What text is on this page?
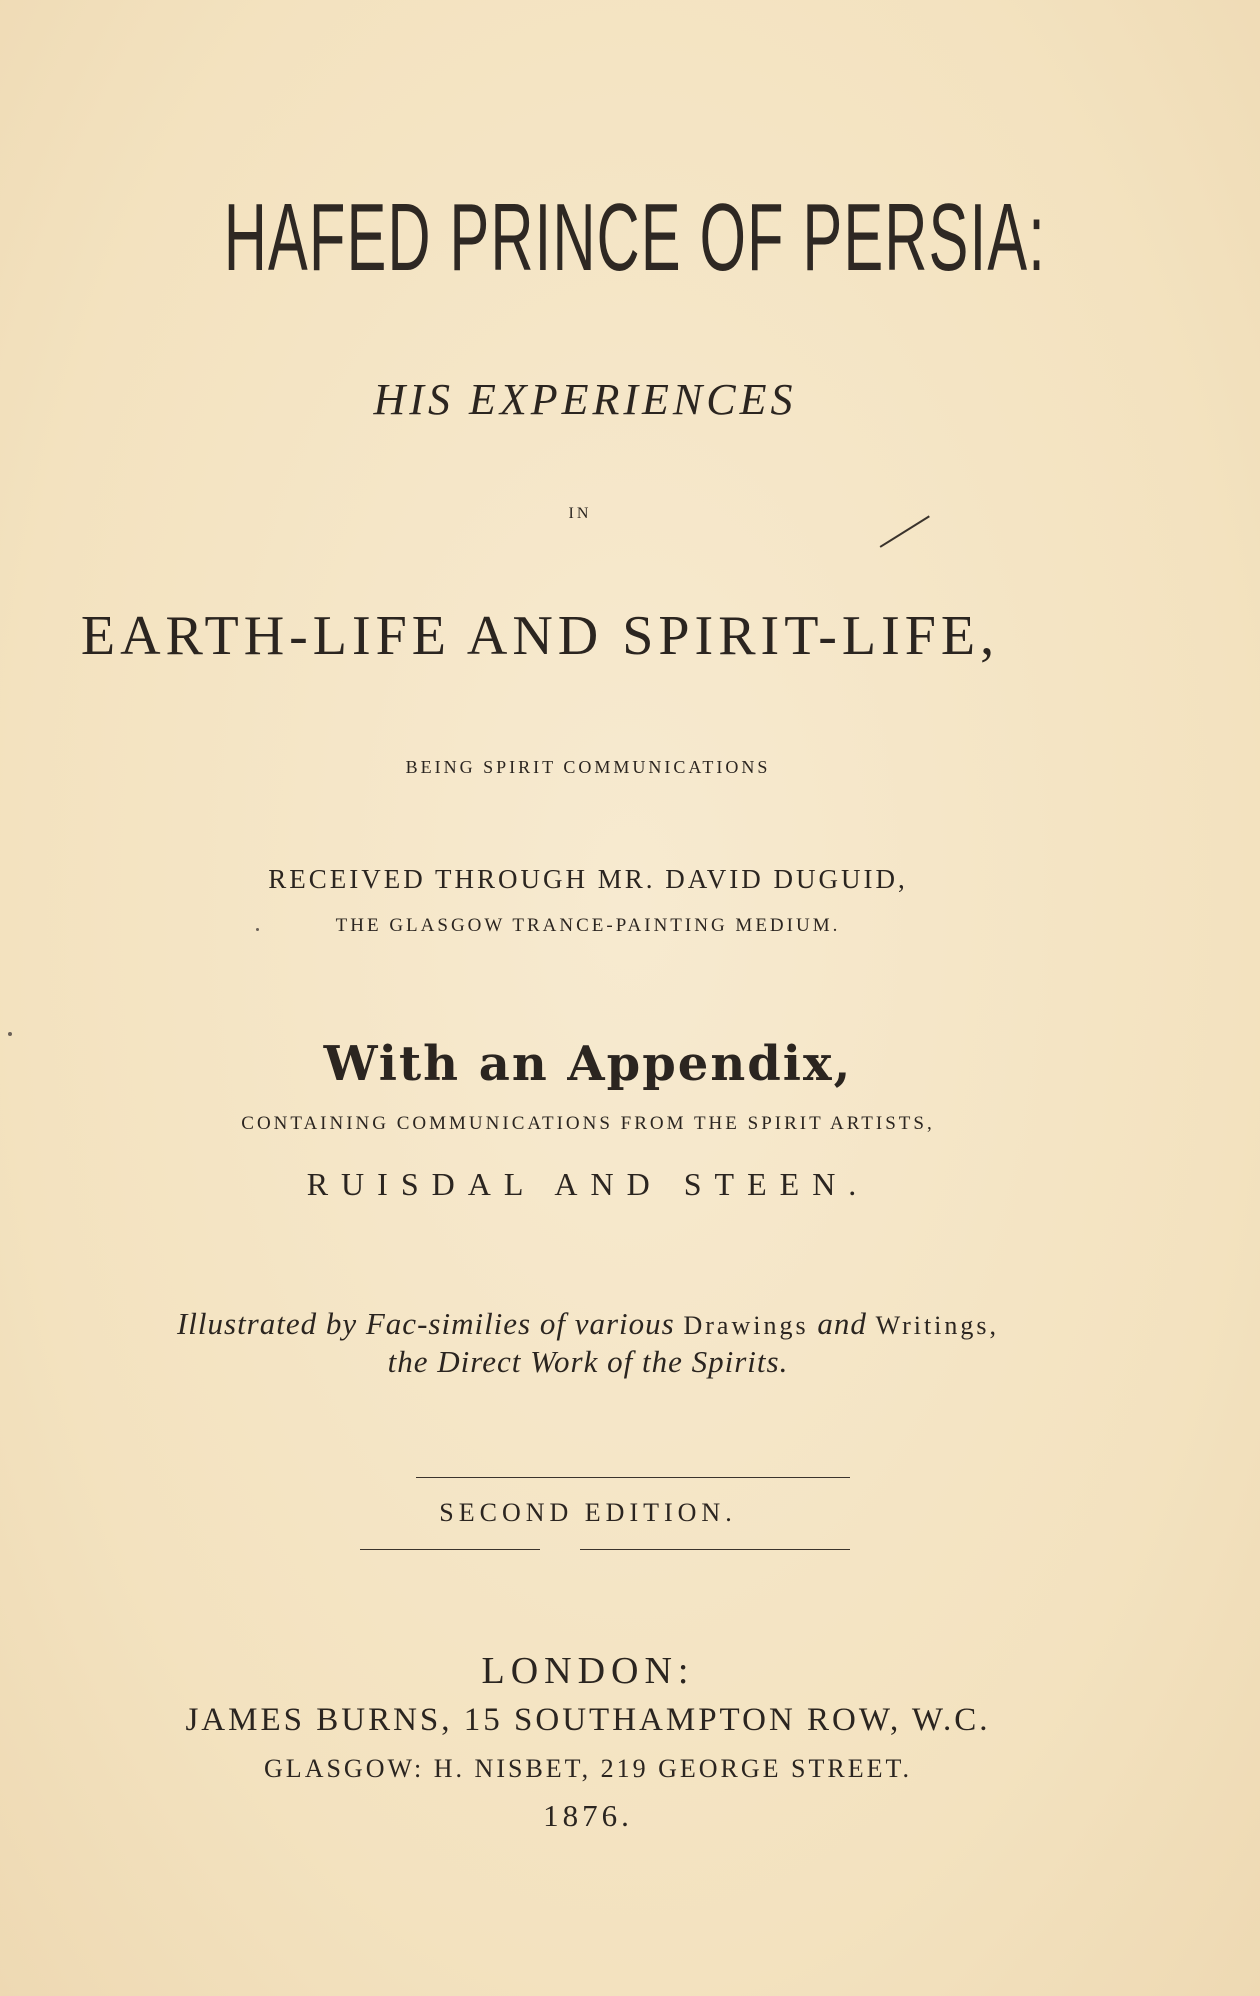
HAFED PRINCE OF PERSIA:
HIS EXPERIENCES
IN
EARTH-LIFE AND SPIRIT-LIFE,
BEING SPIRIT COMMUNICATIONS
RECEIVED THROUGH MR. DAVID DUGUID,
THE GLASGOW TRANCE-PAINTING MEDIUM.
With an Appendix,
CONTAINING COMMUNICATIONS FROM THE SPIRIT ARTISTS,
RUISDAL AND STEEN.
Illustrated by Fac-similies of various Drawings and Writings,
the Direct Work of the Spirits.
SECOND EDITION.
LONDON:
JAMES BURNS, 15 SOUTHAMPTON ROW, W.C.
GLASGOW: H. NISBET, 219 GEORGE STREET.
1876.
